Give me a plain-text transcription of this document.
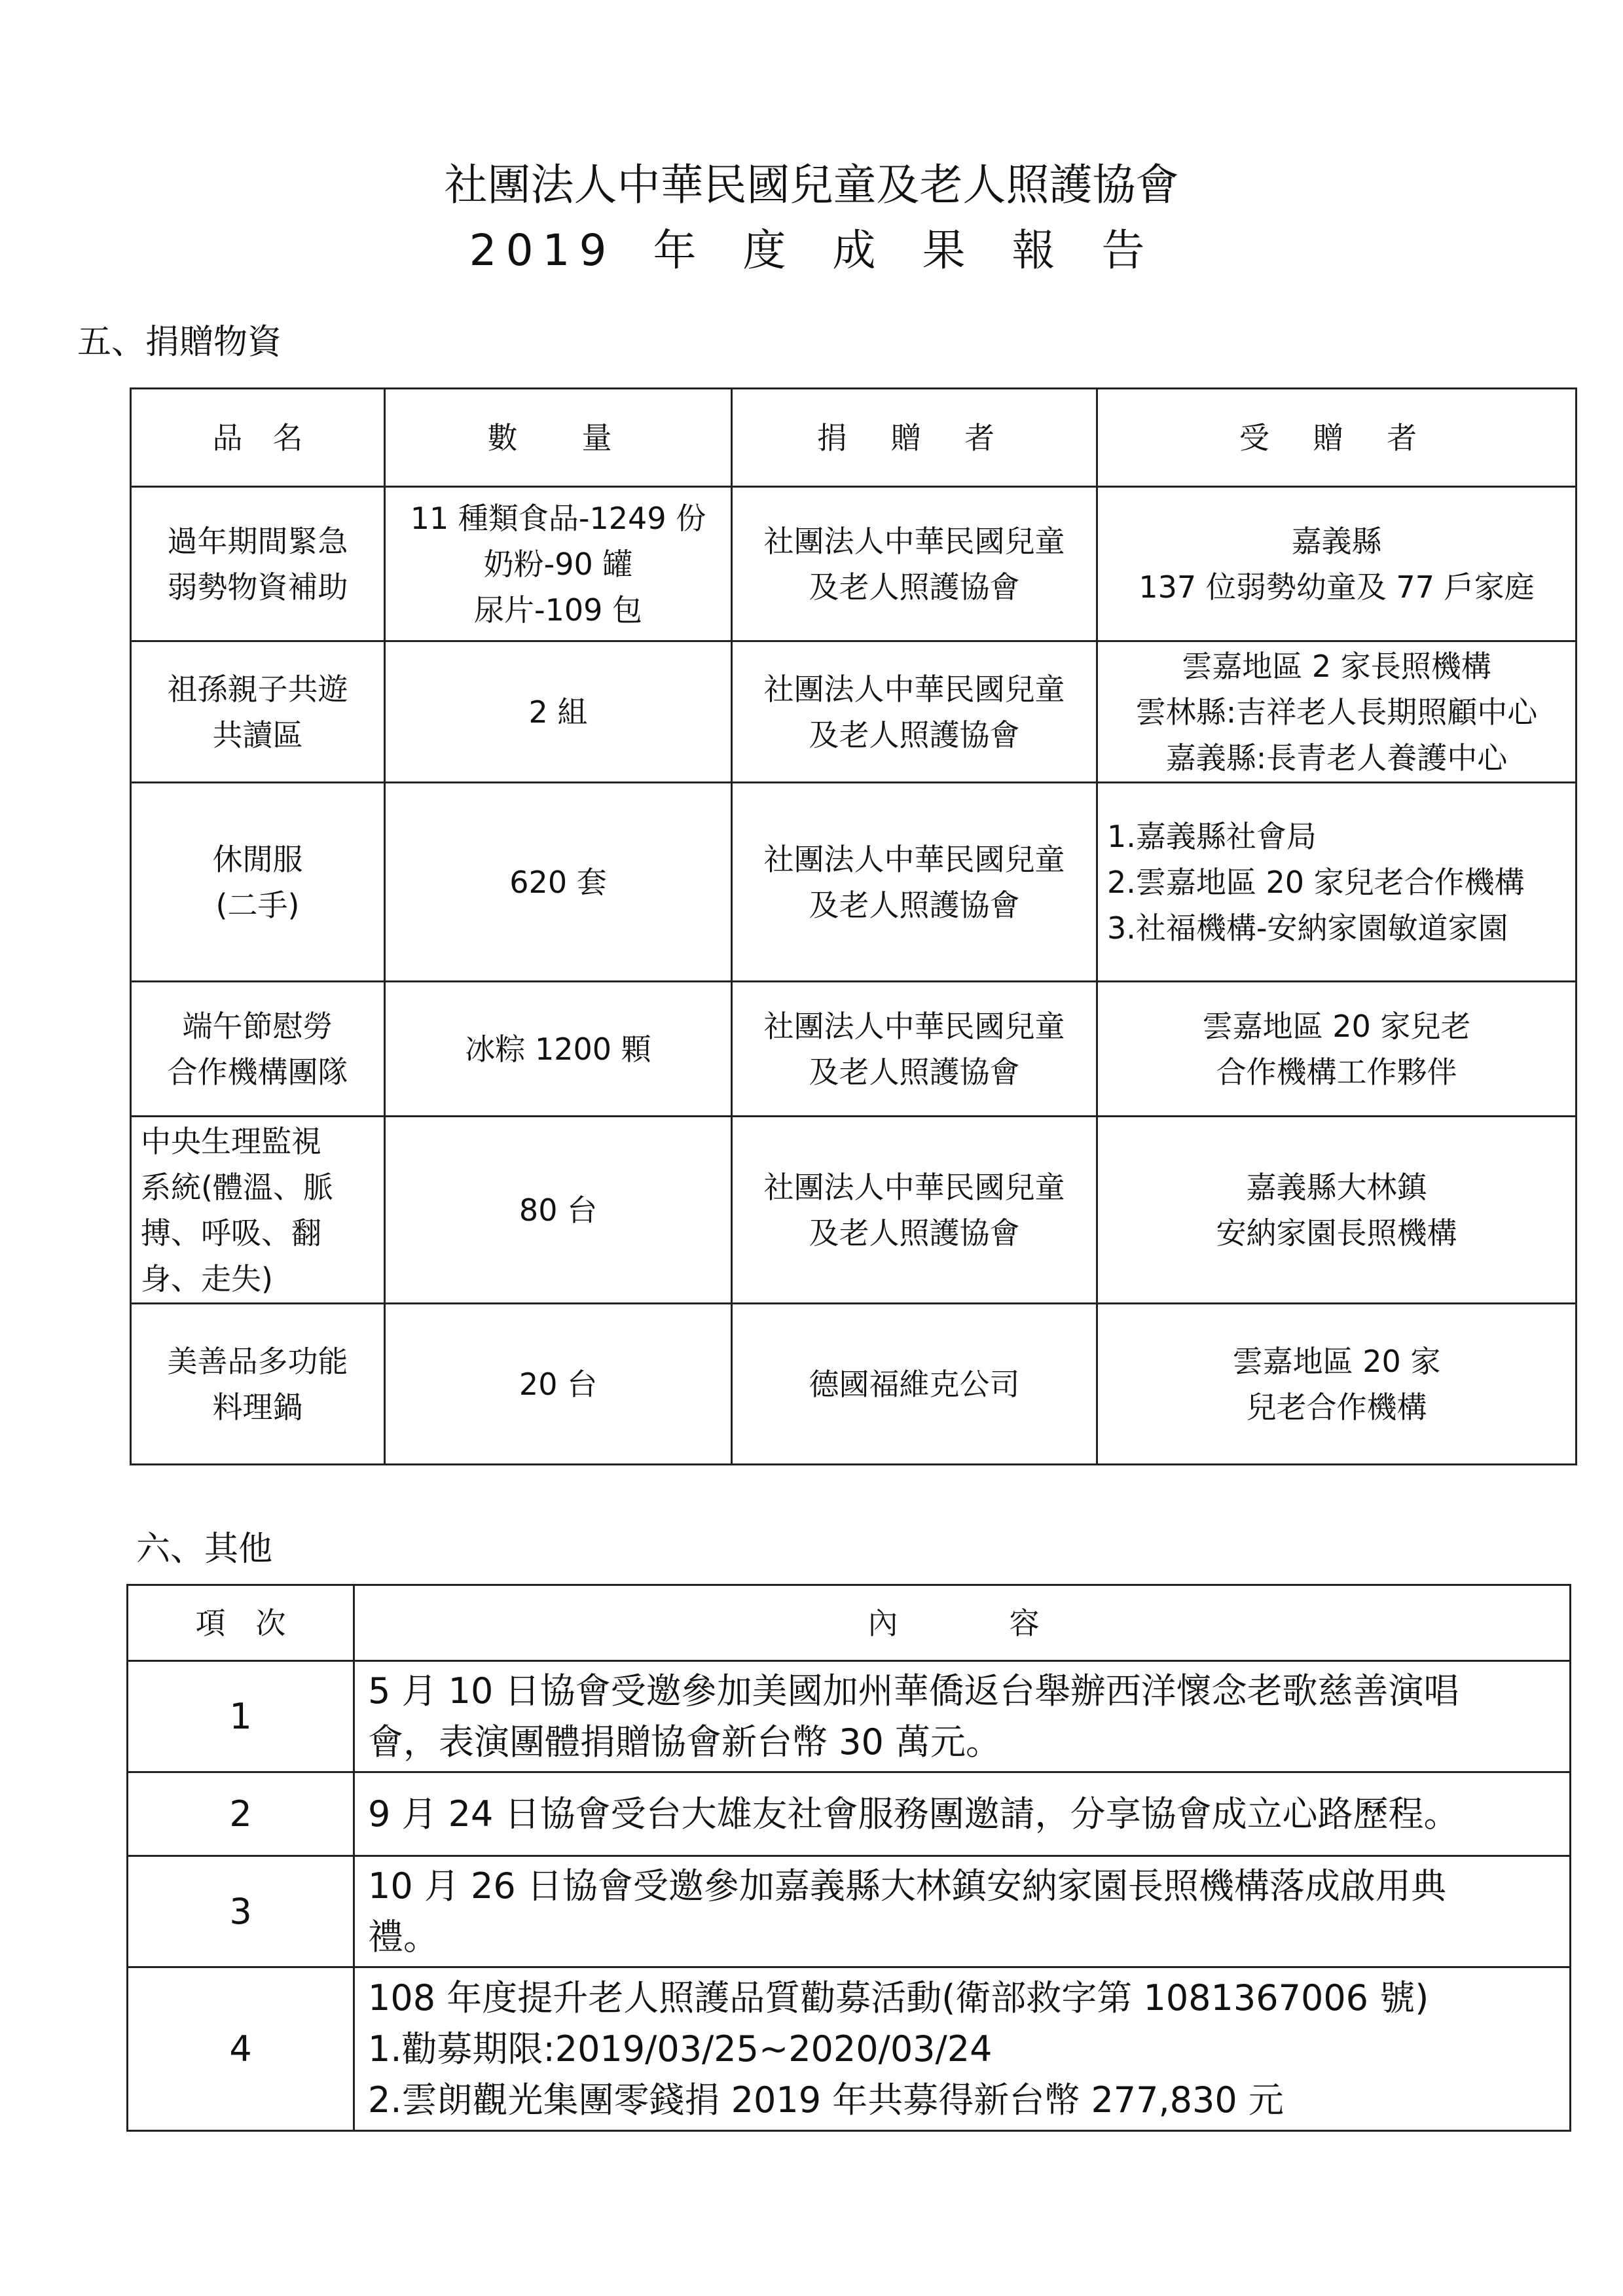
社團法人中華民國兒童及老人照護協會
2019 年 度 成 果 報 告
五、捐贈物資
品　名	數　量	捐 贈 者	受 贈 者

過年期間緊急
弱勢物資補助	11 種類食品-1249 份
奶粉-90 罐
尿片-109 包	社團法人中華民國兒童
及老人照護協會	嘉義縣
137 位弱勢幼童及 77 戶家庭

祖孫親子共遊
共讀區	2 組	社團法人中華民國兒童
及老人照護協會	雲嘉地區 2 家長照機構
雲林縣:吉祥老人長期照顧中心
嘉義縣:長青老人養護中心

休閒服
(二手)	620 套	社團法人中華民國兒童
及老人照護協會	1.嘉義縣社會局
2.雲嘉地區 20 家兒老合作機構
3.社福機構-安納家園敏道家園

端午節慰勞
合作機構團隊	冰粽 1200 顆	社團法人中華民國兒童
及老人照護協會	雲嘉地區 20 家兒老
合作機構工作夥伴

中央生理監視
系統(體溫、脈
搏、呼吸、翻
身、走失)	80 台	社團法人中華民國兒童
及老人照護協會	嘉義縣大林鎮
安納家園長照機構

美善品多功能
料理鍋	20 台	德國福維克公司	雲嘉地區 20 家
兒老合作機構
六、其他
項　次	內　　容
1	5 月 10 日協會受邀參加美國加州華僑返台舉辦西洋懷念老歌慈善演唱
會，表演團體捐贈協會新台幣 30 萬元。

2	9 月 24 日協會受台大雄友社會服務團邀請，分享協會成立心路歷程。

3	10 月 26 日協會受邀參加嘉義縣大林鎮安納家園長照機構落成啟用典
禮。

4	108 年度提升老人照護品質勸募活動(衛部救字第 1081367006 號)
1.勸募期限:2019/03/25~2020/03/24
2.雲朗觀光集團零錢捐 2019 年共募得新台幣 277,830 元
